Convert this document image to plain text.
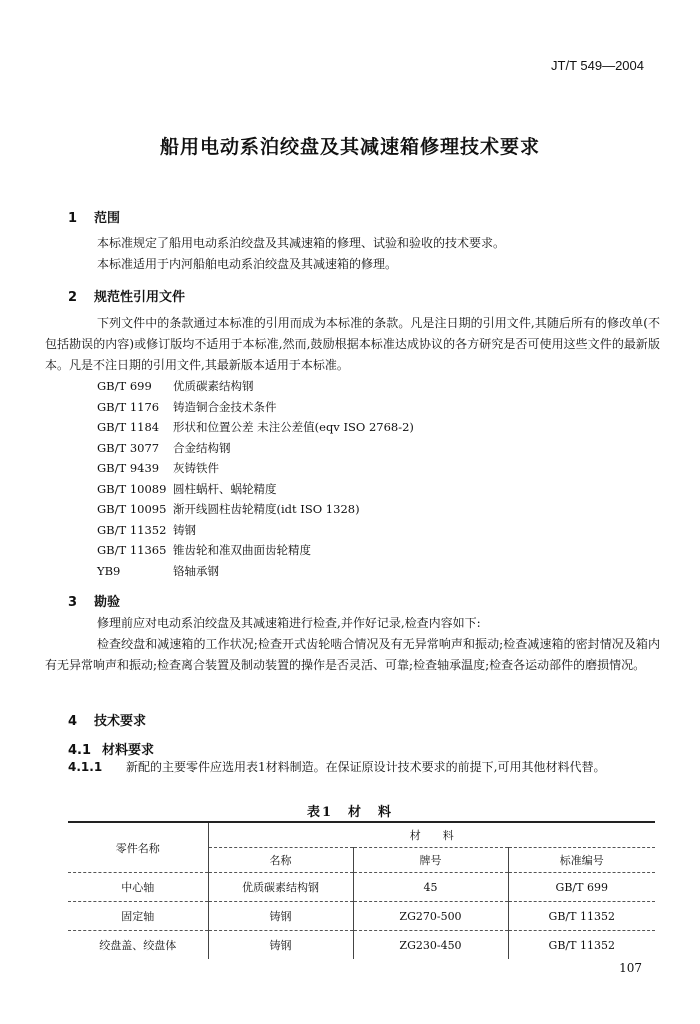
JT/T 549—2004
船用电动系泊绞盘及其减速箱修理技术要求
1 范围
本标准规定了船用电动系泊绞盘及其减速箱的修理、试验和验收的技术要求。
本标准适用于内河船舶电动系泊绞盘及其减速箱的修理。
2 规范性引用文件
下列文件中的条款通过本标准的引用而成为本标准的条款。凡是注日期的引用文件,其随后所有的修改单(不包括勘误的内容)或修订版均不适用于本标准,然而,鼓励根据本标准达成协议的各方研究是否可使用这些文件的最新版本。凡是不注日期的引用文件,其最新版本适用于本标准。
GB/T 699 优质碳素结构钢
GB/T 1176 铸造铜合金技术条件
GB/T 1184 形状和位置公差 未注公差值(eqv ISO 2768-2)
GB/T 3077 合金结构钢
GB/T 9439 灰铸铁件
GB/T 10089 圆柱蜗杆、蜗轮精度
GB/T 10095 渐开线圆柱齿轮精度(idt ISO 1328)
GB/T 11352 铸钢
GB/T 11365 锥齿轮和准双曲面齿轮精度
YB9	铬轴承钢
3 勘验
修理前应对电动系泊绞盘及其减速箱进行检查,并作好记录,检查内容如下:
检查绞盘和减速箱的工作状况;检查开式齿轮啮合情况及有无异常响声和振动;检查减速箱的密封情况及箱内有无异常响声和振动;检查离合装置及制动装置的操作是否灵活、可靠;检查轴承温度;检查各运动部件的磨损情况。
4 技术要求
4.1 材料要求
4.1.1 新配的主要零件应选用表1材料制造。在保证原设计技术要求的前提下,可用其他材料代替。
表1　材　料
零件名称	材　　料		
	名称	牌号	标准编号
中心轴	优质碳素结构钢	45	GB/T 699
固定轴	铸钢	ZG270-500	GB/T 11352
绞盘盖、绞盘体	铸钢	ZG230-450	GB/T 11352
107
